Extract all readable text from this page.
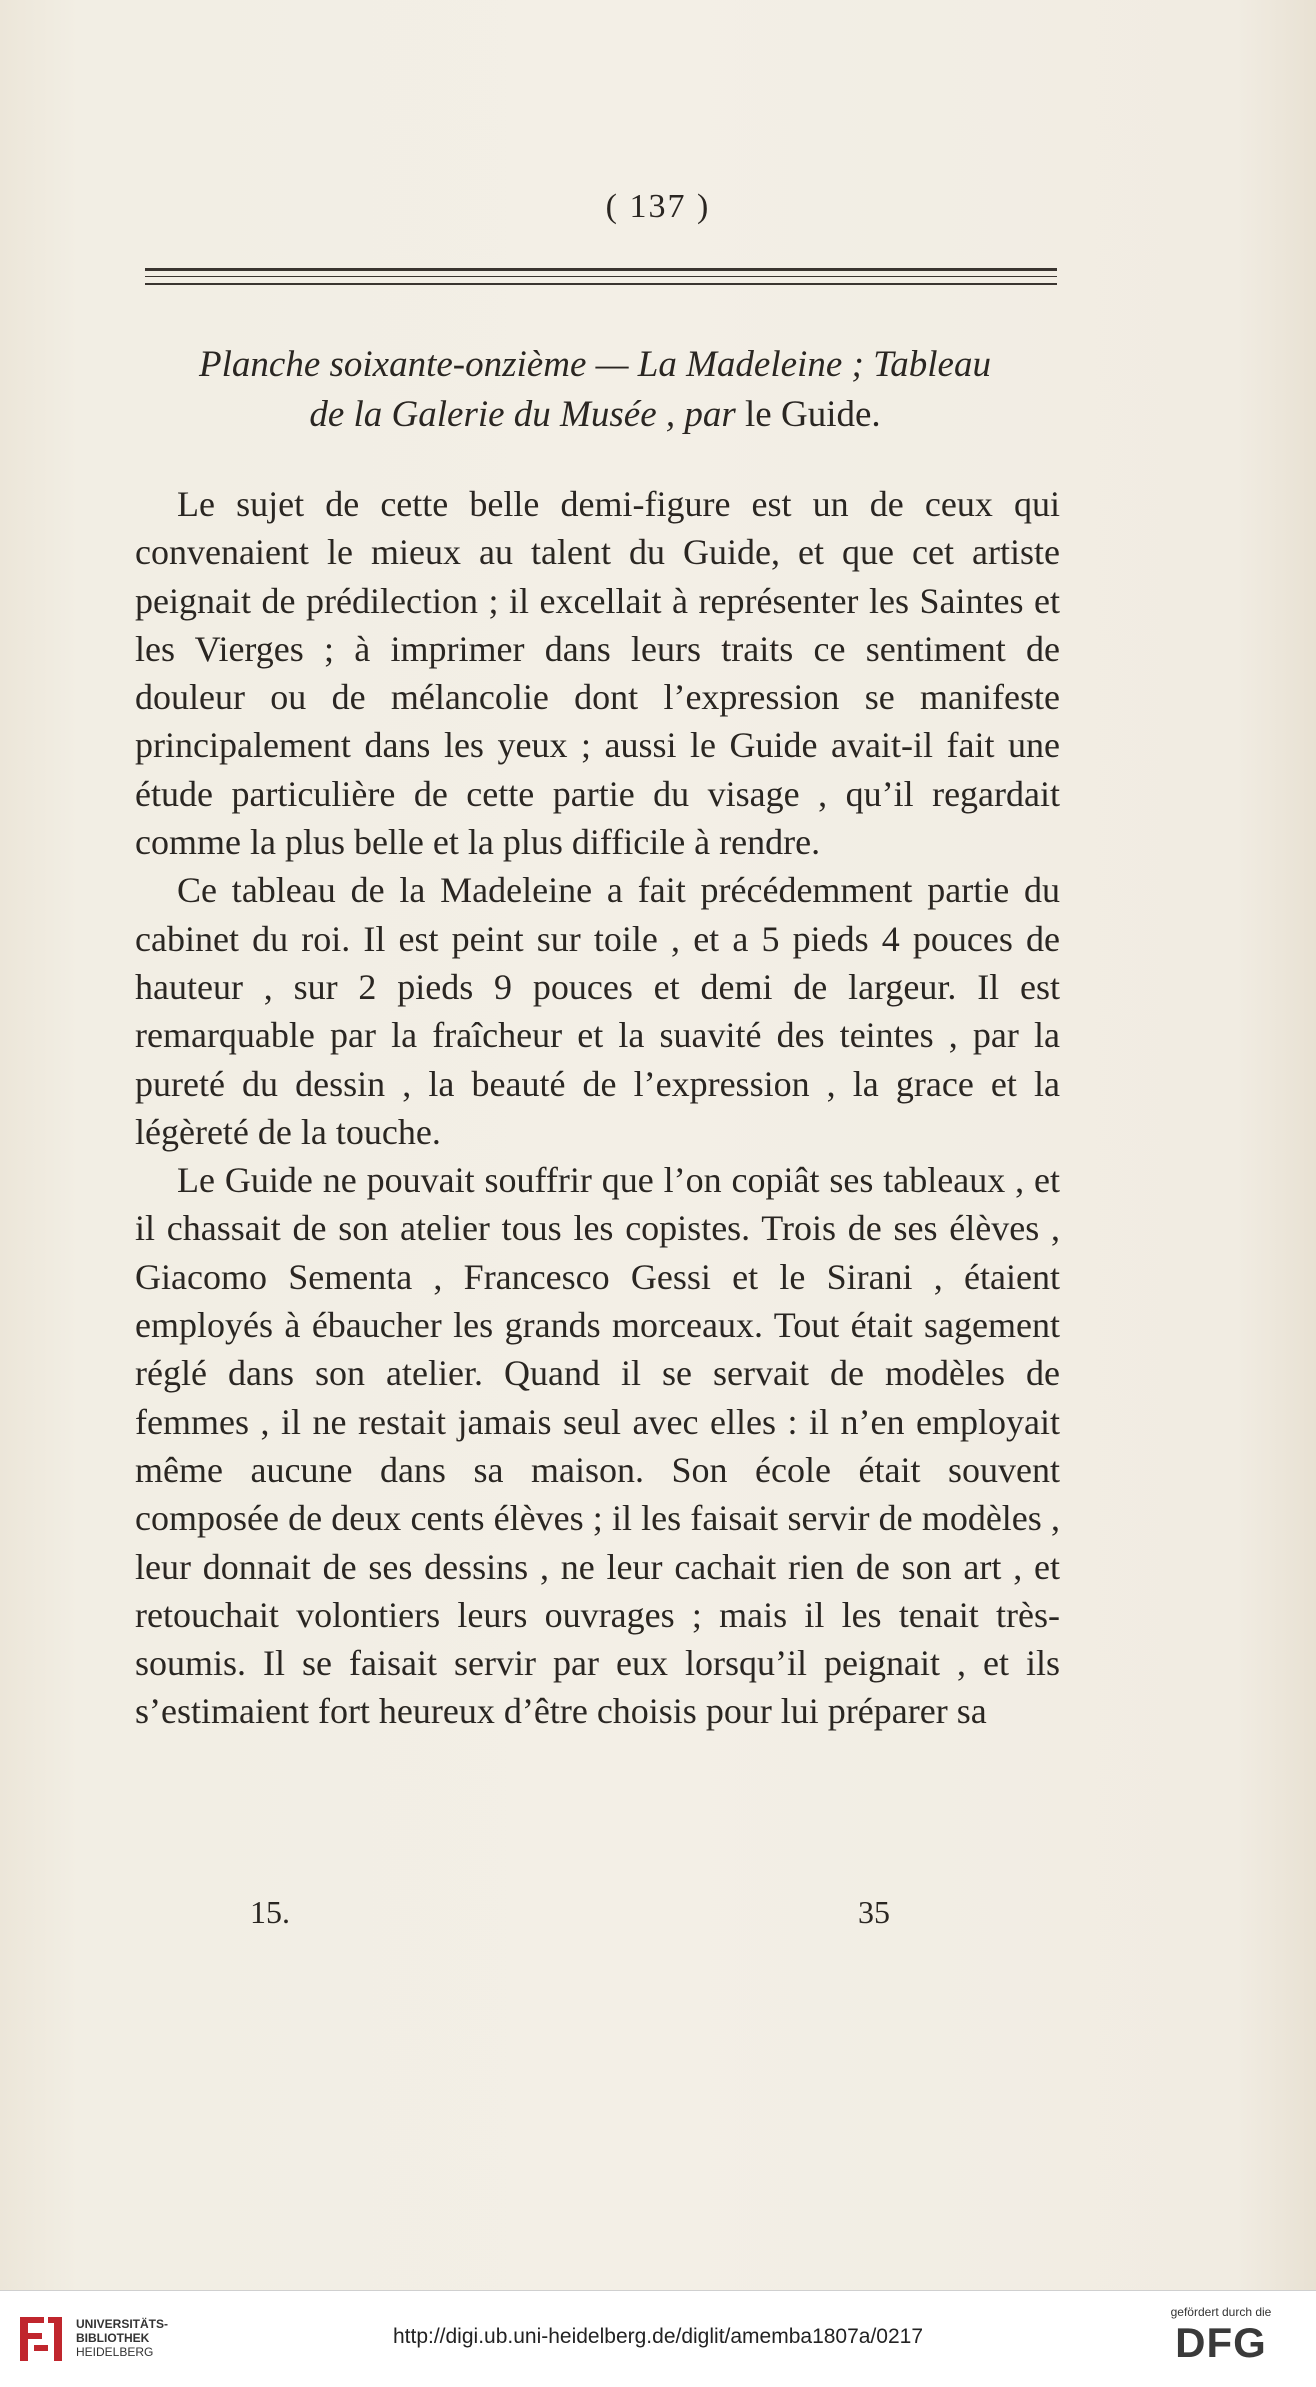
( 137 )
Planche soixante-onzième — La Madeleine ; Tableau
de la Galerie du Musée , par le Guide.

Le sujet de cette belle demi-figure est un de ceux qui convenaient le mieux au talent du Guide, et que cet artiste peignait de prédilection ; il excellait à représenter les Saintes et les Vierges ; à imprimer dans leurs traits ce sentiment de douleur ou de mélancolie dont l’expression se manifeste principalement dans les yeux ; aussi le Guide avait-il fait une étude particulière de cette partie du visage , qu’il regardait comme la plus belle et la plus difficile à rendre.

Ce tableau de la Madeleine a fait précédemment partie du cabinet du roi. Il est peint sur toile , et a 5 pieds 4 pouces de hauteur , sur 2 pieds 9 pouces et demi de largeur. Il est remarquable par la fraîcheur et la suavité des teintes , par la pureté du dessin , la beauté de l’expression , la grace et la légèreté de la touche.

Le Guide ne pouvait souffrir que l’on copiât ses tableaux , et il chassait de son atelier tous les copistes. Trois de ses élèves , Giacomo Sementa , Francesco Gessi et le Sirani , étaient employés à ébaucher les grands morceaux. Tout était sagement réglé dans son atelier. Quand il se servait de modèles de femmes , il ne restait jamais seul avec elles : il n’en employait même aucune dans sa maison. Son école était souvent composée de deux cents élèves ; il les faisait servir de modèles , leur donnait de ses dessins , ne leur cachait rien de son art , et retouchait volontiers leurs ouvrages ; mais il les tenait très-soumis. Il se faisait servir par eux lorsqu’il peignait , et ils s’estimaient fort heureux d’être choisis pour lui préparer sa

15.	35
UNIVERSITÄTS-
BIBLIOTHEK
HEIDELBERG
http://digi.ub.uni-heidelberg.de/diglit/amemba1807a/0217
gefördert durch die
DFG
